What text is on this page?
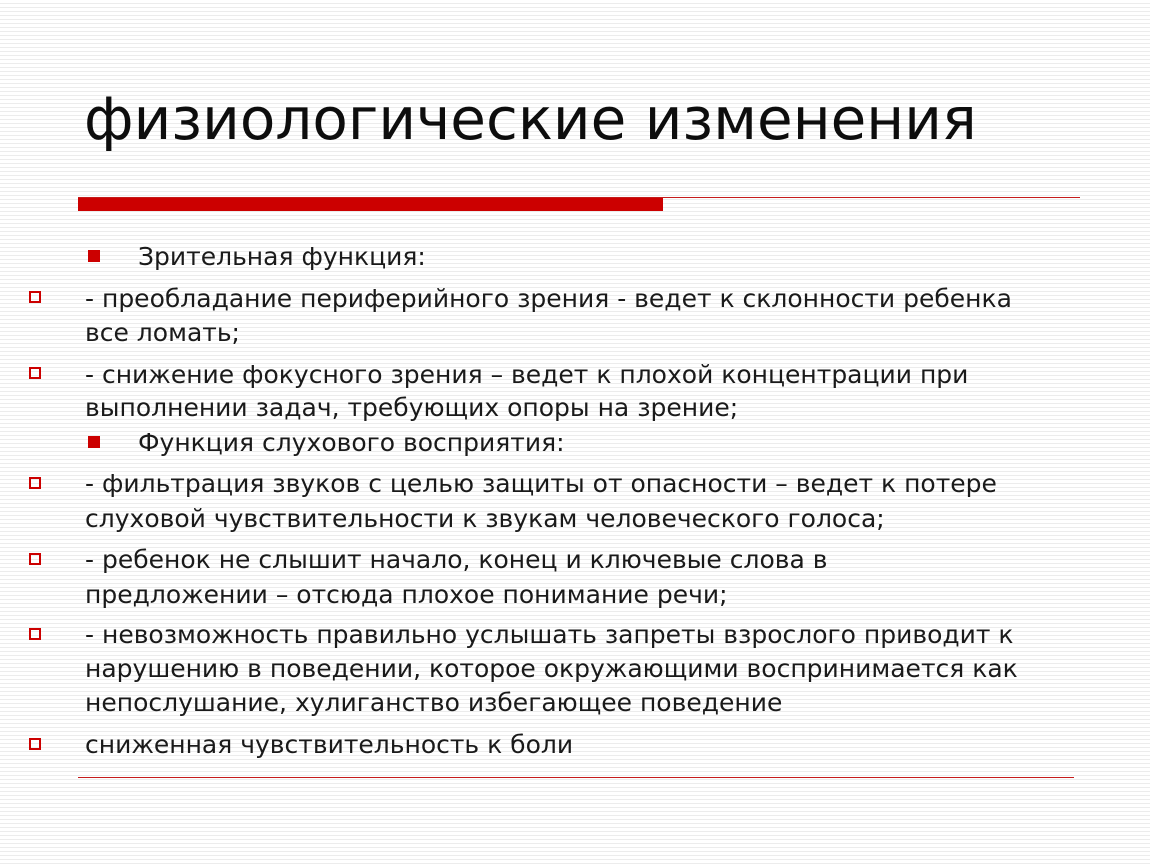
физиологические изменения

Зрительная функция:

- преобладание периферийного зрения - ведет к склонности ребенка

все ломать;

- снижение фокусного зрения – ведет к плохой концентрации при

выполнении задач, требующих опоры на зрение;

Функция слухового восприятия:

- фильтрация звуков с целью защиты от опасности – ведет к потере

слуховой чувствительности к звукам человеческого голоса;

- ребенок не слышит начало, конец и ключевые слова в

предложении – отсюда плохое понимание речи;

- невозможность правильно услышать запреты взрослого приводит к

нарушению в поведении, которое окружающими воспринимается как

непослушание, хулиганство избегающее поведение

сниженная чувствительность к боли
